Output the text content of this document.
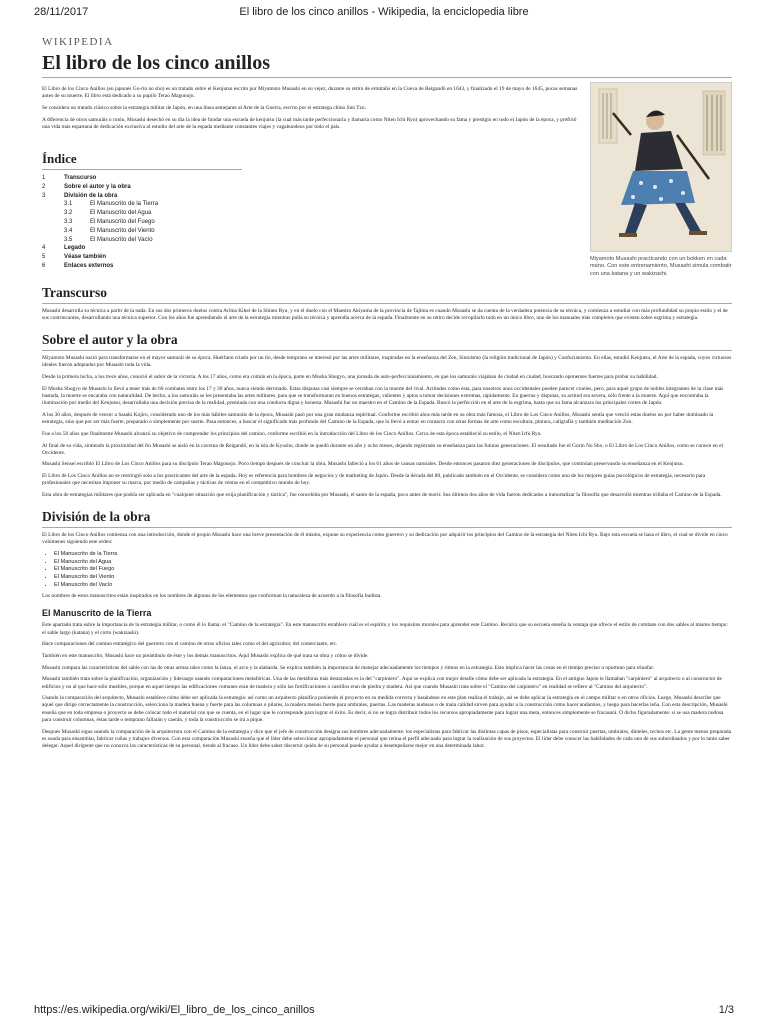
28/11/2017	El libro de los cinco anillos - Wikipedia, la enciclopedia libre
WIKIPEDIA
El libro de los cinco anillos
Miyamoto Musashi practicando con un bokken en cada mano. Con este entrenamiento, Musashi simula combatir con una katana y un wakizashi.

El Libro de los Cinco Anillos (en japonés Go-rin no sho) es un tratado sobre el Kenjutsu escrito por Miyamoto Musashi en su vejez, durante su retiro de ermitaño en la Cueva de Reigandō en 1643, y finalizado el 19 de mayo de 1645, pocas semanas antes de su muerte. El libro está dedicado a su pupilo Terao Magonojo.

Se considera un tratado clásico sobre la estrategia militar de Japón, en una línea semejante al Arte de la Guerra, escrito por el estratega chino Sun Tzu.

A diferencia de otros samuráis o ronin, Musashi desechó en su día la idea de fundar una escuela de kenjutsu (la cual más tarde perfeccionaría y llamaría como Niten Ichi Ryu) aprovechando su fama y prestigio en todo el Japón de la época, y prefirió una vida más espartana de dedicación exclusiva al estudio del arte de la espada mediante constantes viajes y vagabundeos por todo el país.

Índice
1	Transcurso
2	Sobre el autor y la obra
3	División de la obra
3.1	El Manuscrito de la Tierra
3.2	El Manuscrito del Agua
3.3	El Manuscrito del Fuego
3.4	El Manuscrito del Viento
3.5	El Manuscrito del Vacío
4	Legado
5	Véase también
6	Enlaces externos
Transcurso

Musashi desarrolla su técnica a partir de la nada. En sus dos primeros duelos contra Arima Kihei de la Shinto Ryu, y en el duelo con el Maestro Akiyama de la provincia de Tajima es cuando Musashi se da cuenta de la verdadera potencia de su técnica, y comienza a estudiar con más profundidad su propio estilo y el de sus contrincantes, desarrollando una técnica superior. Con los años fue aprendiendo el arte de la estrategia mientras pulía su técnica y aprendía acerca de la espada. Finalmente en su retiro decide recopilarlo todo en un único libro, uno de los manuales más completos que existen sobre esgrima y estrategia.

Sobre el autor y la obra

Miyamoto Musashi nació para transformarse en el mayor samurái de su época. Huérfano criado por un tío, desde temprano se interesó por las artes militares, inspiradas en la enseñanza del Zen, Sintoísmo (la religión tradicional de Japón) y Confucianismo. En ellas, estudió Kenjutsu, el Arte de la espada, cuyos virtuosos ideales fueron adoptados por Musashi toda la vida.

Desde la primera lucha, a los trece años, conoció el sabor de la victoria. A los 17 años, como era común en la época, parte en Musha Shugyo, una jornada de auto-perfeccionamiento, en que los samuráis viajaban de ciudad en ciudad, buscando oponentes fuertes para probar su habilidad.

El Musha Shugyo de Musashi lo llevó a tener más de 60 combates entre los 17 y 30 años, nunca siendo derrotado. Estas disputas casi siempre se cerraban con la muerte del rival. Actitudes como ésta, para nosotros unos occidentales pueden parecer crueles, pero, para aquel grupo de nobles integrantes de la clase más bastada, la muerte se encaraba con naturalidad. De hecho, a los samuráis se les presentaba las artes militares, para que se transformaran en buenos estrategas, valientes y aptos a tomar decisiones extremas, rápidamente. En guerras y disputas, su actitud era severa, sólo frente a la muerte. Aquí que encontraba la iluminación por medio del Kenjutsu, desarrollaba una decisión precisa de la realidad, premiada con una conducta digna y honesta. Musashi fue un maestro en el Camino de la Espada. Buscó la perfección en el arte de la esgrima, hasta que su fama alcanzara los principales cortes de Japón.

A los 30 años, después de vencer a Sasaki Kojiro, considerado uno de los más hábiles samuráis de la época, Musashi pasó por una gran mudanza espiritual. Conforme escribió años más tarde en su obra más famosa, el Libro de Los Cinco Anillos, Musashi sentía que venció estas duelos no por haber dominado la estrategia, sino que por ser más fuerte, preparado o simplemente por suerte. Pasa entonces, a buscar el significado más profundo del Camino de la Espada, que lo llevó a entrar en contacto con otras formas de arte como escultura, pintura, caligrafía y también meditación Zen.

Fue a los 50 años que finalmente Musashi alcanzó su objetivo de comprender los principios del camino, conforme escribió en la introducción del Libro de los Cinco Anillos. Cerca de esta época estableció su estilo, el Niten Ichi Ryu.

Al final de su vida, sintiendo la proximidad del fin Musashi se aisló en la caverna de Reigandō, en la isla de Kyushu, donde se quedó durante un año y ocho meses, dejando registrado su enseñanza para las futuras generaciones. El resultado fue el Gorin No Sho, o El Libro de Los Cinco Anillos, como se conoce en el Occidente.

Musashi Sensei escribió El Libro de Los Cinco Anillos para su discípulo Terao Magonojo. Poco tiempo después de concluir la obra, Musashi falleció a los 61 años de causas naturales. Desde entonces pasaron diez generaciones de discípulos, que continúan preservando su enseñanza en el Kenjutsu.

El Libro de Los Cinco Anillos no se restringió solo a los practicantes del arte de la espada. Hoy es referencia para hombres de negocios y de marketing de Japón. Desde la década del 80, publicado también en el Occidente, se considera como uno de los mejores guías psicológicos de estrategia, necesario para profesionales que necesitan imponer su marca, por medio de campañas y tácticas de ventas en el competitivo mundo de hoy.

Esta obra de estrategias militares que podría ser aplicada en "cualquier situación que exija planificación y táctica", fue concebida por Musashi, el santo de la espada, poco antes de morir. Sus últimos dos años de vida fueron dedicados a inmortalizar la filosofía que desarrolló mientras trillaba el Camino de la Espada.

División de la obra

El Libro de los Cinco Anillos comienza con una introducción, donde el propio Musashi hace una breve presentación de él mismo, expone su experiencia como guerrero y su dedicación por adquirir los principios del Camino de la estrategia del Niten Ichi Ryu. Bajo esta escuela se basa el libro, el cual se divide en cinco volúmenes siguiendo este orden:

• El Manuscrito de la Tierra
• El Manuscrito del Agua
• El Manuscrito del Fuego
• El Manuscrito del Viento
• El Manuscrito del Vacío

Los nombres de estos manuscritos están inspirados en los nombres de algunos de los elementos que conforman la naturaleza de acuerdo a la filosofía budista.

El Manuscrito de la Tierra

Este apartado trata sobre la importancia de la estrategia militar, o como él lo llama: el "Camino de la estrategia". En este manuscrito establece cuál es el espíritu y los requisitos morales para aprender este Camino. Recalca que su escuela enseña la ventaja que ofrece el estilo de combate con dos sables al mismo tiempo: el sable largo (katana) y el corto (wakizashi).

Hace comparaciones del camino estratégico del guerrero con el camino de otros oficios tales como el del agricultor, del comerciante, etc.

También en este manuscrito, Musashi hace un preámbulo de éste y los demás manuscritos. Aquí Musashi explica de qué trata su obra y cómo se divide.

Musashi compara las características del sable con las de otras armas tales como la lanza, el arco y la alabarda. Se explica también la importancia de manejar adecuadamente los tiempos y ritmos en la estrategia. Esto implica hacer las cosas en el tiempo preciso u oportuno para triunfar.

Musashi también trata sobre la planificación, organización y liderazgo usando comparaciones metafóricas. Una de las metáforas más destacadas es la del "carpintero". Aquí se explica con mejor detalle cómo debe ser aplicada la estrategia. En el antiguo Japón le llamaban "carpintero" al arquitecto o al constructor de edificios y no al que hace sólo muebles, porque en aquel tiempo las edificaciones comunes eran de madera y sólo las fortificaciones o castillos eran de piedra y madera. Así que cuando Musashi trata sobre el "Camino del carpintero" en realidad se refiere al "Camino del arquitecto".

Usando la comparación del arquitecto, Musashi establece cómo debe ser aplicada la estrategia: así como un arquitecto planifica poniendo el proyecto en su medida correcta y basándose en este plan realiza el trabajo, así se debe aplicar la estrategia en el campo militar o en otros oficios. Luego, Musashi describe que aquel que dirige correctamente la construcción, selecciona la madera buena y fuerte para las columnas o pilares, la madera menos fuerte para umbrales, puertas. Las maderas nudosas o de mala calidad sirven para ayudar a la construcción como hacer andamios, y luego para hacerlas leña. Con esta descripción, Musashi enseña que en toda empresa o proyecto se debe colocar todo el material con que se cuenta, en el lugar que le corresponde para lograr el éxito. Es decir, si no se logra distribuir todos los recursos apropiadamente para lograr una meta, entonces simplemente se fracasará. O dicho figuradamente: si se usa madera nudosa para construir columnas, éstas tarde o temprano fallarán y caerán, y toda la construcción se irá a pique.

Después Musashi sigue usando la comparación de la arquitectura con el Camino de la estrategia y dice que el jefe de construcción designa sus hombres adecuadamente: los especialistas para fabricar las distintas capas de pisos, especialistas para construir puertas, umbrales, dinteles, techos etc. La gente menos preparada es usada para ensamblar, fabricar cuñas y trabajos diversos. Con esta comparación Musashi enseña que el líder debe seleccionar apropiadamente el personal que retina el perfil adecuado para lograr la realización de sus proyectos. El líder debe conocer las habilidades de cada uno de sus subordinados y por lo tanto saber delegar. Aquel dirigente que no conozca las características de su personal, tiende al fracaso. Un líder debe saber discernir quién de su personal puede ayudar a desempeñarse mejor en una determinada labor.

https://es.wikipedia.org/wiki/El_libro_de_los_cinco_anillos	1/3
